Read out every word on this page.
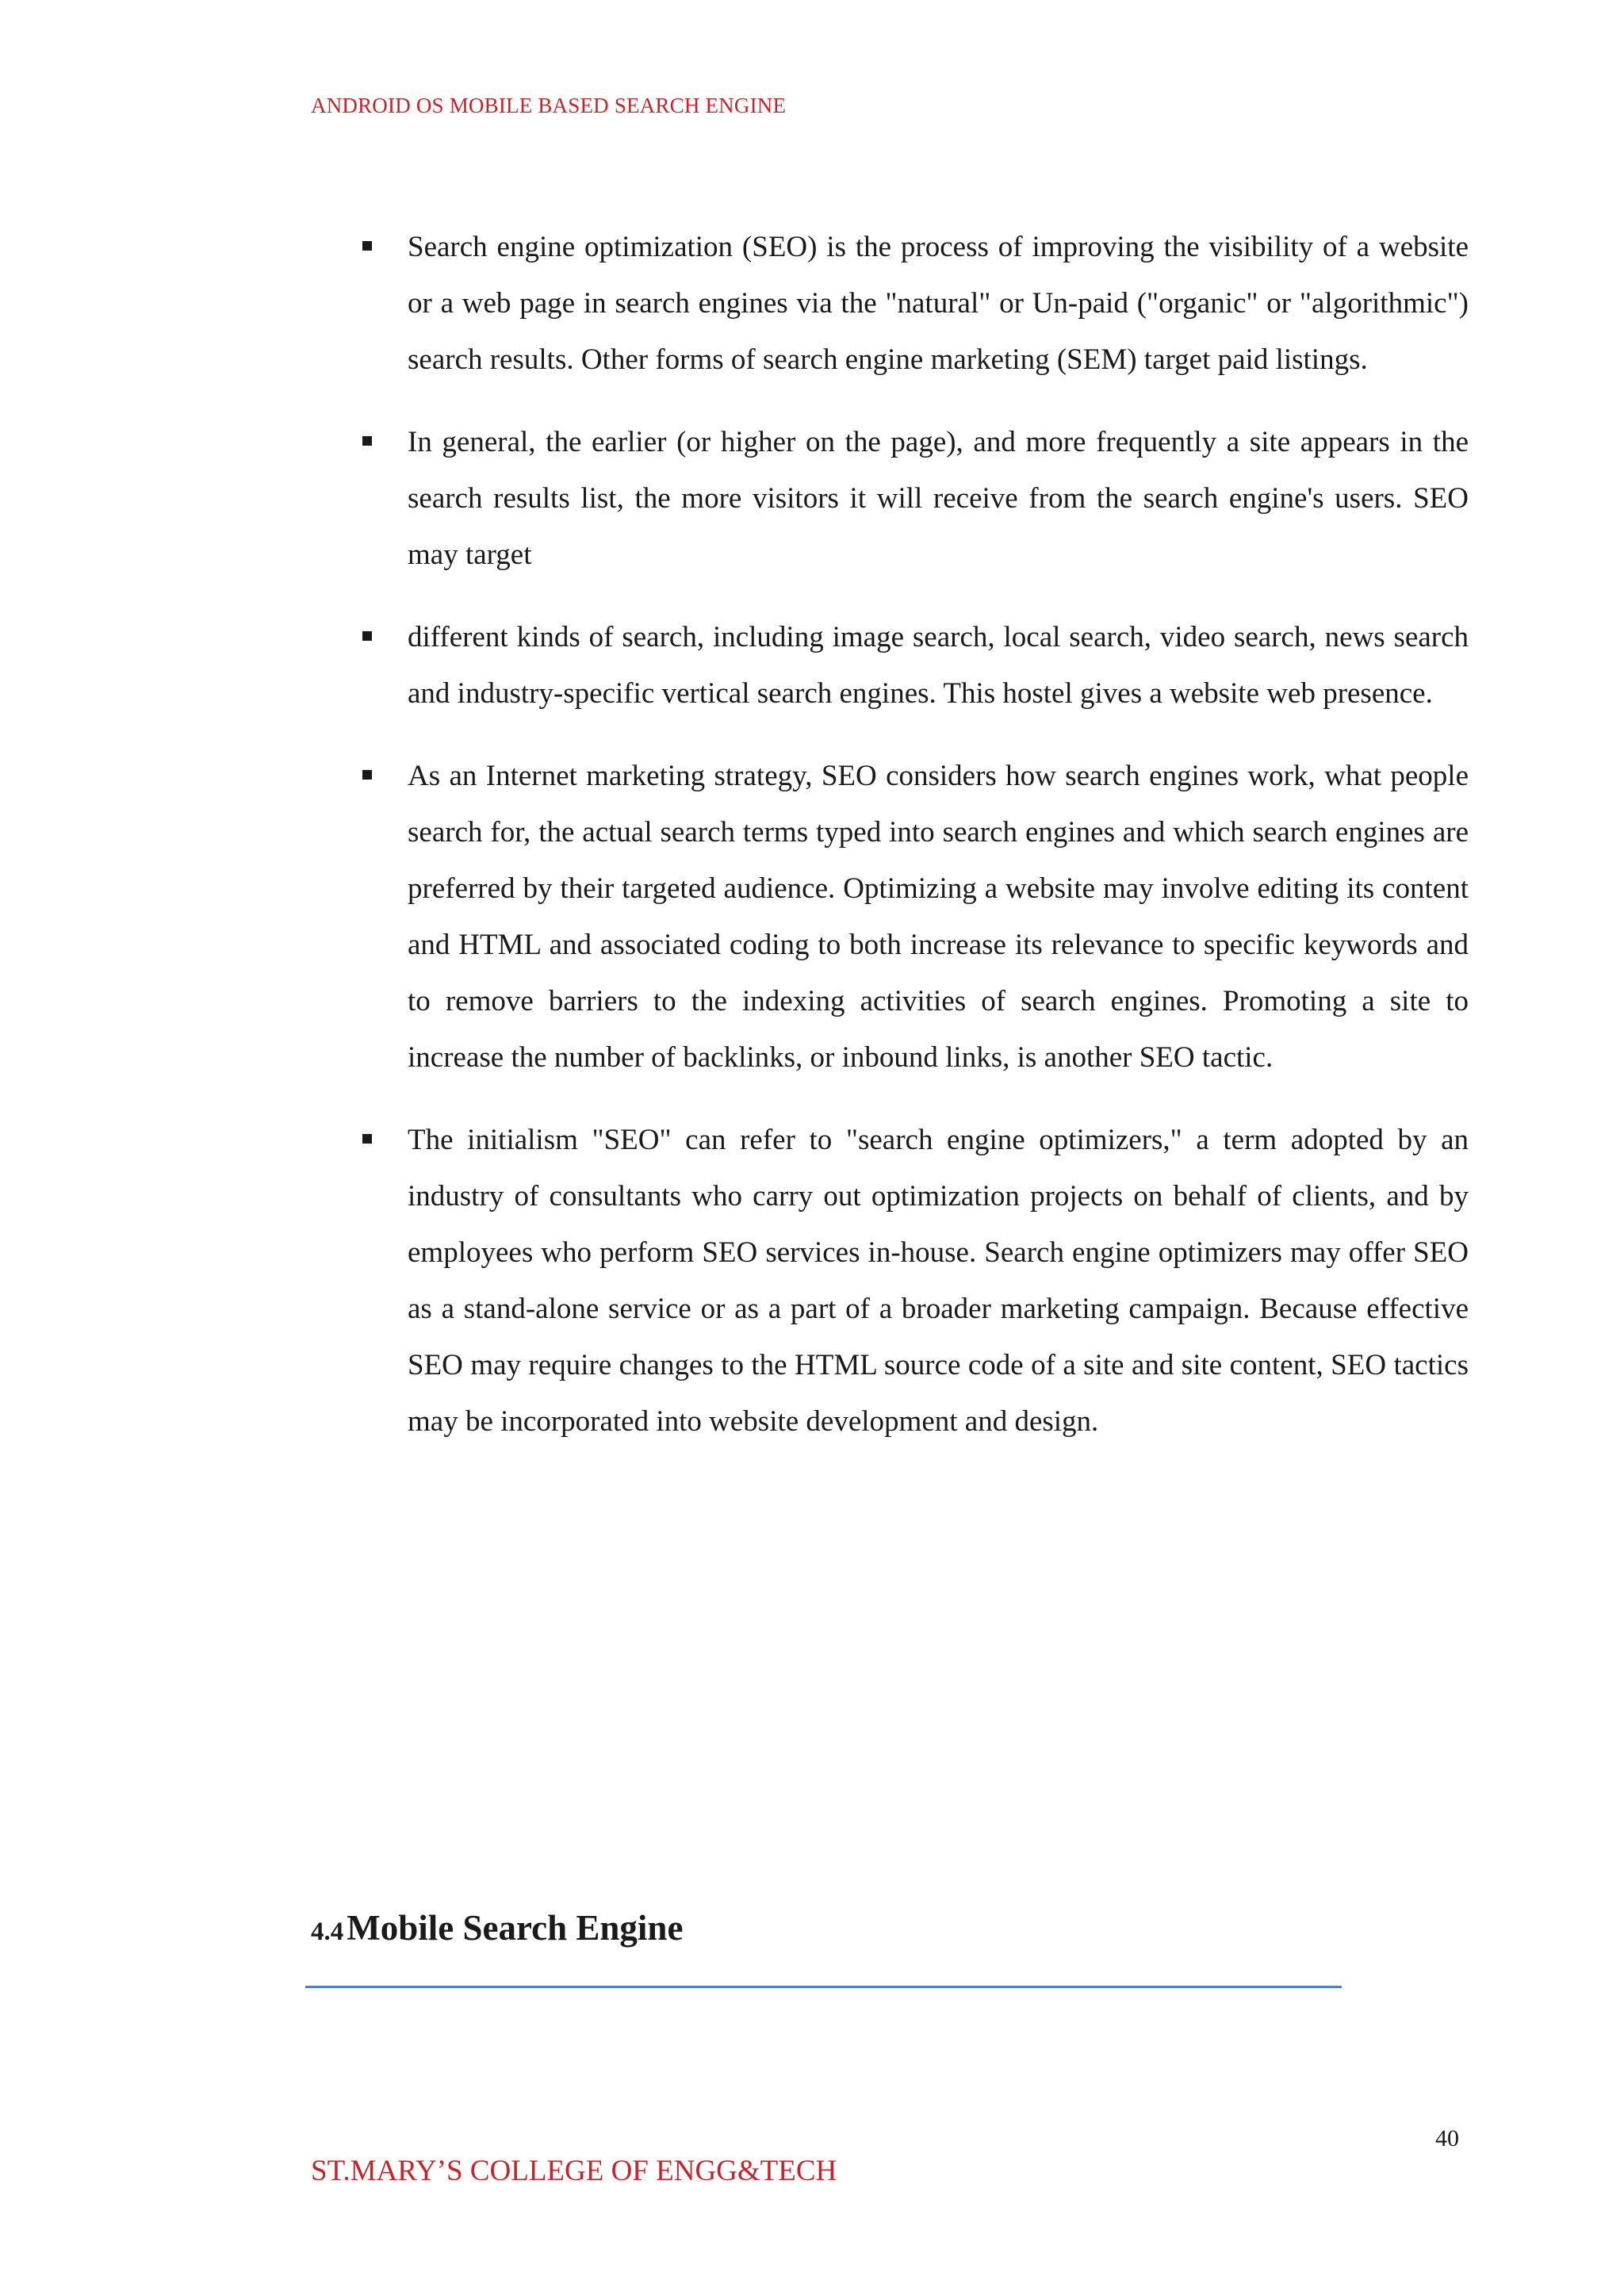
ANDROID OS MOBILE BASED SEARCH ENGINE
Search engine optimization (SEO) is the process of improving the visibility of a website or a web page in search engines via the "natural" or Un-paid ("organic" or "algorithmic") search results. Other forms of search engine marketing (SEM) target paid listings.
In general, the earlier (or higher on the page), and more frequently a site appears in the search results list, the more visitors it will receive from the search engine's users. SEO may target
different kinds of search, including image search, local search, video search, news search and industry-specific vertical search engines. This hostel gives a website web presence.
As an Internet marketing strategy, SEO considers how search engines work, what people search for, the actual search terms typed into search engines and which search engines are preferred by their targeted audience. Optimizing a website may involve editing its content and HTML and associated coding to both increase its relevance to specific keywords and to remove barriers to the indexing activities of search engines. Promoting a site to increase the number of backlinks, or inbound links, is another SEO tactic.
The initialism "SEO" can refer to "search engine optimizers," a term adopted by an industry of consultants who carry out optimization projects on behalf of clients, and by employees who perform SEO services in-house. Search engine optimizers may offer SEO as a stand-alone service or as a part of a broader marketing campaign. Because effective SEO may require changes to the HTML source code of a site and site content, SEO tactics may be incorporated into website development and design.
4.4 Mobile Search Engine
40
ST.MARY’S COLLEGE OF ENGG&TECH
